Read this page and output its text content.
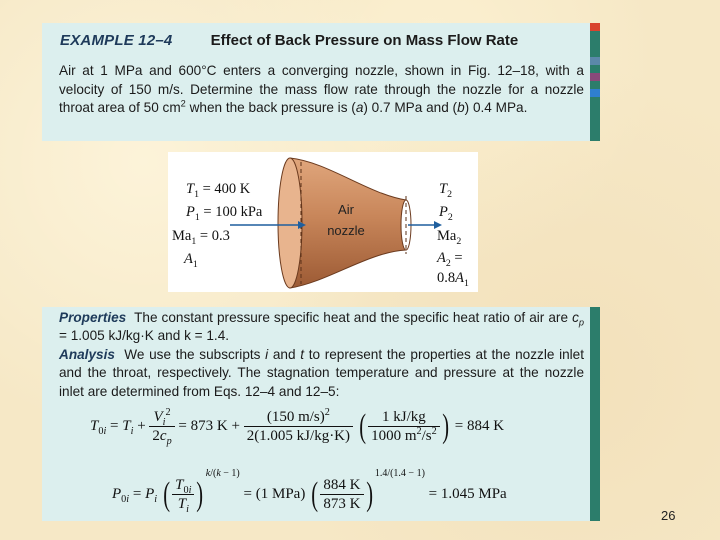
EXAMPLE 12–4	Effect of Back Pressure on Mass Flow Rate
Air at 1 MPa and 600°C enters a converging nozzle, shown in Fig. 12–18, with a velocity of 150 m/s. Determine the mass flow rate through the nozzle for a nozzle throat area of 50 $cm^2$ when the back pressure is (a) 0.7 MPa and (b) 0.4 MPa.
Air
nozzle
$T_1 = 400$ K
$P_1 = 100$ kPa
$Ma_1 = 0.3$
$A_1$
$T_2$
$P_2$
$Ma_2$
$A_2$ =
$0.8A_1$
Properties  The constant pressure specific heat and the specific heat ratio of air are $c_p = 1.005$ kJ/kg·K and k = 1.4.
Analysis  We use the subscripts i and t to represent the properties at the nozzle inlet and the throat, respectively. The stagnation temperature and pressure at the nozzle inlet are determined from Eqs. 12–4 and 12–5:
$T_{0i} = T_i + \frac{V_i^2}{2c_p} = 873$ $K + \frac{(150 m/s)^2}{2(1.005 kJ/kg\cdot K)}$ ( $\frac{1 kJ/kg}{1000 m^2/s^2}$ ) = 884 K
$P_{0i} = P_i$ ( $\frac{T_{0i}}{T_i} )^{k/(k - 1)} = (1$ MPa) ( $\frac{884 K}{873 K} )^{1.4/(1.4 - 1)} = 1.045$ MPa
26
